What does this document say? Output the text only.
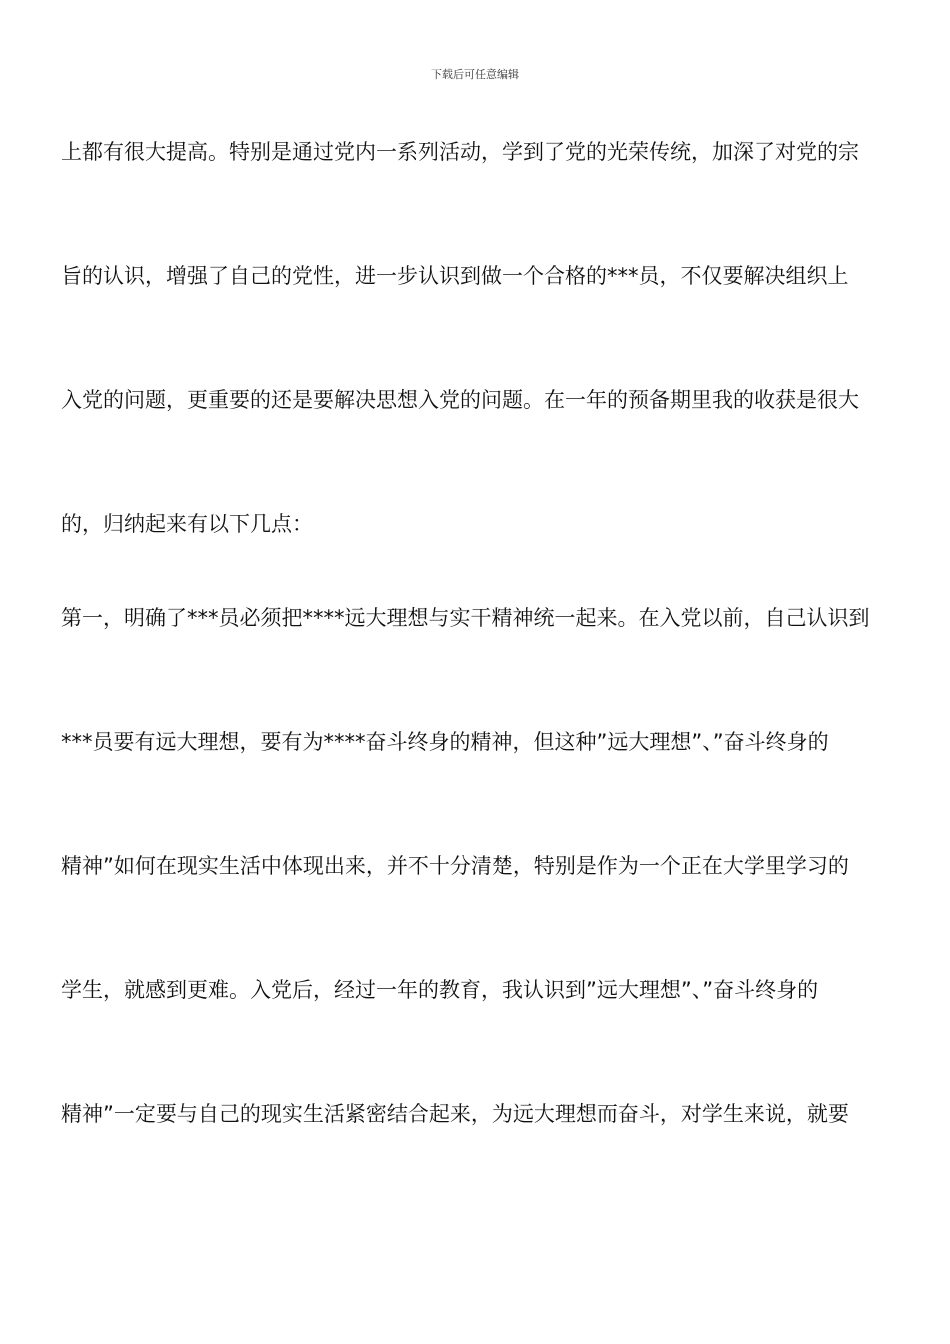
下载后可任意编辑
上都有很大提高。特别是通过党内一系列活动，学到了党的光荣传统，加深了对党的宗
旨的认识，增强了自己的党性，进一步认识到做一个合格的***员，不仅要解决组织上
入党的问题，更重要的还是要解决思想入党的问题。在一年的预备期里我的收获是很大
的，归纳起来有以下几点：
第一，明确了***员必须把****远大理想与实干精神统一起来。在入党以前，自己认识到
***员要有远大理想，要有为****奋斗终身的精神，但这种”远大理想”、”奋斗终身的
精神”如何在现实生活中体现出来，并不十分清楚，特别是作为一个正在大学里学习的
学生，就感到更难。入党后，经过一年的教育，我认识到”远大理想”、”奋斗终身的
精神”一定要与自己的现实生活紧密结合起来，为远大理想而奋斗，对学生来说，就要
